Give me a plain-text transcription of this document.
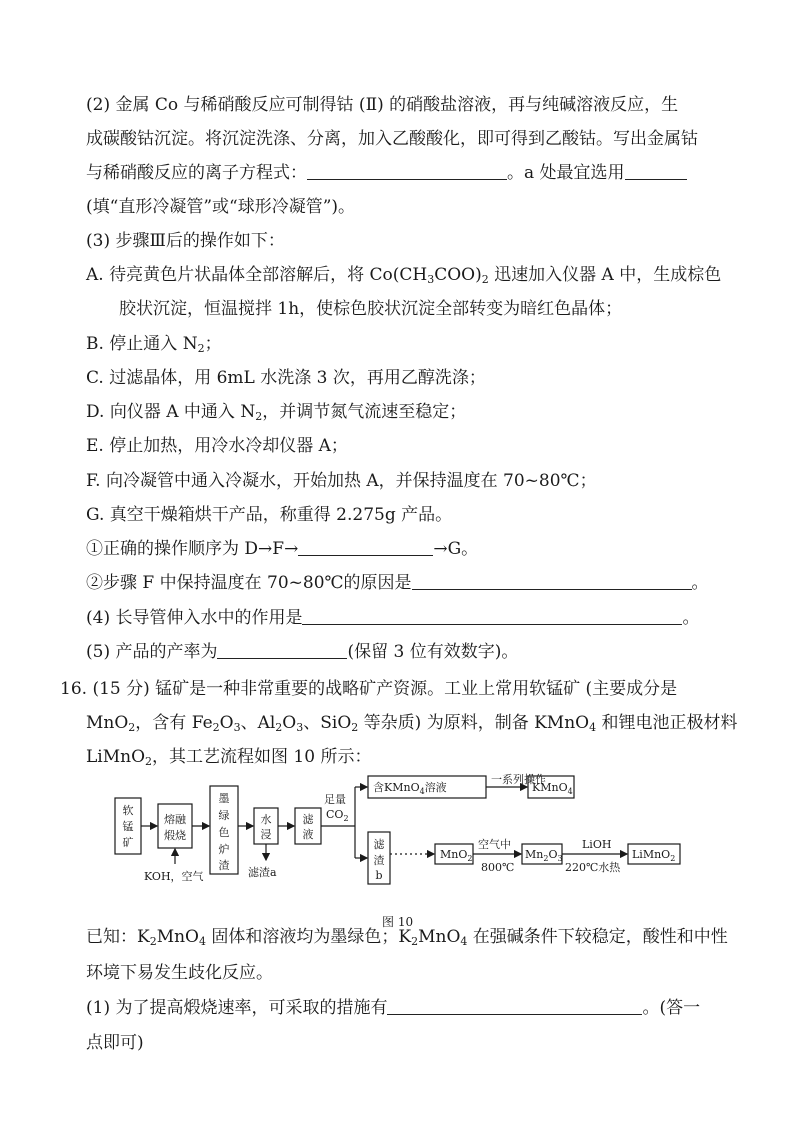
(2) 金属 Co 与稀硝酸反应可制得钴 (Ⅱ) 的硝酸盐溶液，再与纯碱溶液反应，生
成碳酸钴沉淀。将沉淀洗涤、分离，加入乙酸酸化，即可得到乙酸钴。写出金属钴
与稀硝酸反应的离子方程式：	。a 处最宜选用
(填“直形冷凝管”或“球形冷凝管”)。
(3) 步骤Ⅲ后的操作如下：
A. 待亮黄色片状晶体全部溶解后，将 $Co(CH_3COO)_2$ 迅速加入仪器 A 中，生成棕色
胶状沉淀，恒温搅拌 1h，使棕色胶状沉淀全部转变为暗红色晶体；
B. 停止通入 $N_2$；
C. 过滤晶体，用 6mL 水洗涤 3 次，再用乙醇洗涤；
D. 向仪器 A 中通入 $N_2$，并调节氮气流速至稳定；
E. 停止加热，用冷水冷却仪器 A；
F. 向冷凝管中通入冷凝水，开始加热 A，并保持温度在 70~80℃；
G. 真空干燥箱烘干产品，称重得 2.275g 产品。
①正确的操作顺序为 D→F→	→G。
②步骤 F 中保持温度在 70~80℃的原因是	。
(4) 长导管伸入水中的作用是	。
(5) 产品的产率为	(保留 3 位有效数字)。
16. (15 分) 锰矿是一种非常重要的战略矿产资源。工业上常用软锰矿 (主要成分是
MnO$_2$，含有 $Fe_2O_3$、$Al_2O_3$、SiO$_2$ 等杂质) 为原料，制备 KMnO$_4$ 和锂电池正极材料
LiMnO$_2$，其工艺流程如图 10 所示：
软
锰
矿
熔融
煅烧
墨
绿
色
炉
渣
水
浸
滤
液
滤
渣
b
含KMnO$_4$溶液	KMnO$_4$
MnO$_2$	$Mn_2O_3$	LiMnO$_2$
KOH，空气	滤渣a
足量
$CO_2$
一系列操作
空气中
800℃
LiOH
220℃水热
图 10
已知：$K_2MnO_4$ 固体和溶液均为墨绿色；$K_2MnO_4$ 在强碱条件下较稳定，酸性和中性
环境下易发生歧化反应。
(1) 为了提高煅烧速率，可采取的措施有	。(答一
点即可)
